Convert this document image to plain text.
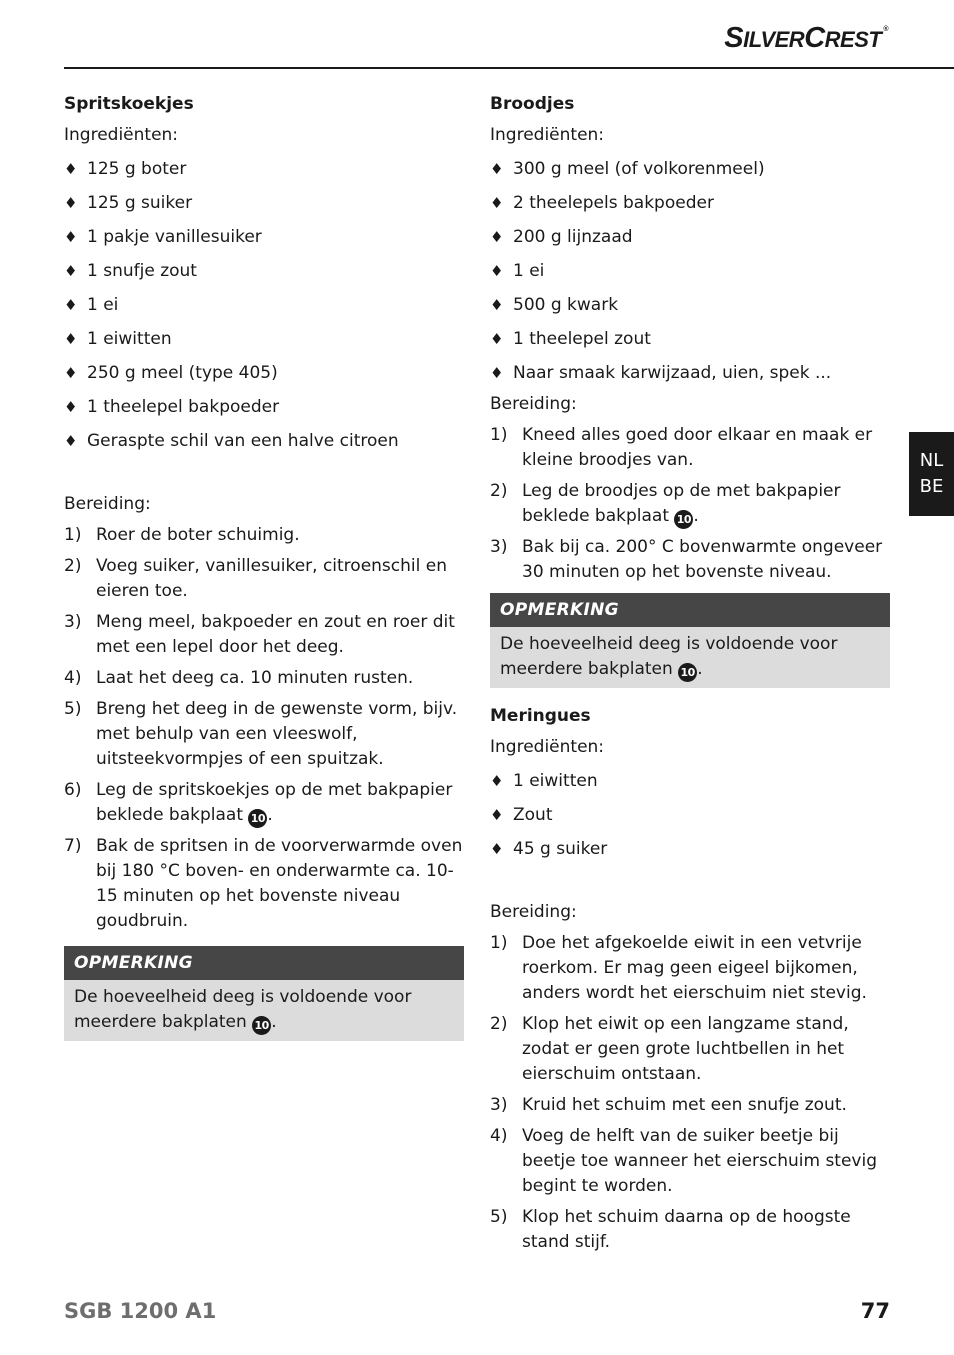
SILVERCREST ®
Spritskoekjes
Ingrediënten:
♦ 125 g boter
♦ 125 g suiker
♦ 1 pakje vanillesuiker
♦ 1 snufje zout
♦ 1 ei
♦ 1 eiwitten
♦ 250 g meel (type 405)
♦ 1 theelepel bakpoeder
♦ Geraspte schil van een halve citroen
Bereiding:
1) Roer de boter schuimig.
2) Voeg suiker, vanillesuiker, citroenschil en eieren toe.
3) Meng meel, bakpoeder en zout en roer dit met een lepel door het deeg.
4) Laat het deeg ca. 10 minuten rusten.
5) Breng het deeg in de gewenste vorm, bijv. met behulp van een vleeswolf, uitsteekvormpjes of een spuitzak.
6) Leg de spritskoekjes op de met bakpapier beklede bakplaat 10 .
7) Bak de spritsen in de voorverwarmde oven bij 180 °C boven- en onderwarmte ca. 10-15 minuten op het bovenste niveau goudbruin.
OPMERKING
De hoeveelheid deeg is voldoende voor meerdere bakplaten 10 .
Broodjes
Ingrediënten:
♦ 300 g meel (of volkorenmeel)
♦ 2 theelepels bakpoeder
♦ 200 g lijnzaad
♦ 1 ei
♦ 500 g kwark
♦ 1 theelepel zout
♦ Naar smaak karwijzaad, uien, spek ...
Bereiding:
1) Kneed alles goed door elkaar en maak er kleine broodjes van.
2) Leg de broodjes op de met bakpapier beklede bakplaat 10 .
3) Bak bij ca. 200° C bovenwarmte ongeveer 30 minuten op het bovenste niveau.
OPMERKING
De hoeveelheid deeg is voldoende voor meerdere bakplaten 10 .
Meringues
Ingrediënten:
♦ 1 eiwitten
♦ Zout
♦ 45 g suiker
Bereiding:
1) Doe het afgekoelde eiwit in een vetvrije roerkom. Er mag geen eigeel bijkomen, anders wordt het eierschuim niet stevig.
2) Klop het eiwit op een langzame stand, zodat er geen grote luchtbellen in het eierschuim ontstaan.
3) Kruid het schuim met een snufje zout.
4) Voeg de helft van de suiker beetje bij beetje toe wanneer het eierschuim stevig begint te worden.
5) Klop het schuim daarna op de hoogste stand stijf.
NL
BE
SGB 1200 A1	77
